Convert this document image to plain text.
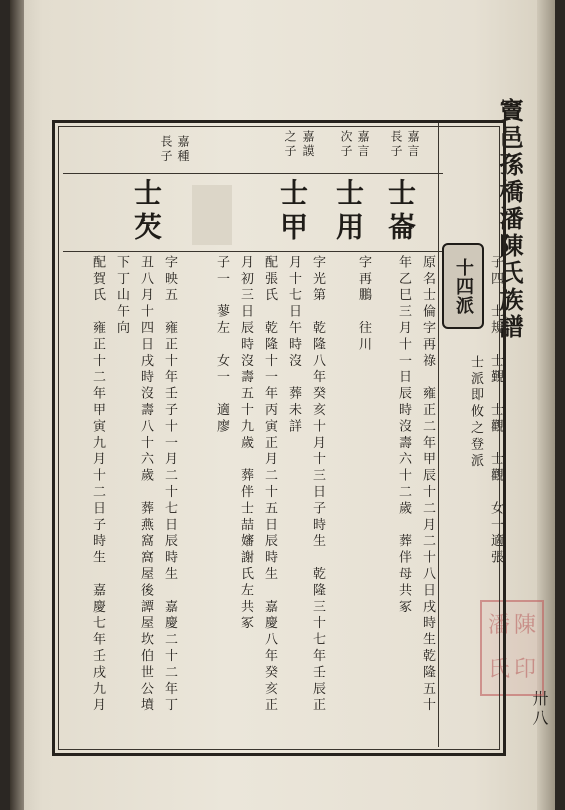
竇邑孫橋潘陳氏族譜
卅八
子四　士規　士覲　士觀　士觀　女一適張
士派即攸之登派
潘 陳
氏 印
嘉言
長子
嘉言
次子
嘉謨
之子
嘉種
長子
士崙
士用
士甲
士芡
十四派
原名士倫字再祿　雍正二年甲辰十二月二十八日戌時生乾隆五十
年乙巳三月十一日辰時沒壽六十二歲　葬伴母共冢
字再鵬　往川
字光第　乾隆八年癸亥十月十三日子時生　乾隆三十七年壬辰正
月十七日午時沒　葬未詳
配張氏　乾隆十一年丙寅正月二十五日辰時生　嘉慶八年癸亥正
月初三日辰時沒壽五十九歲　葬伴士喆嬸謝氏左共冢
子一　蓼左　女一　適廖
字映五　雍正十年壬子十一月二十七日辰時生　嘉慶二十二年丁
丑八月十四日戌時沒壽八十六歲　葬燕窩窩屋後譚屋坎伯世公墳
下丁山午向
配賀氏　雍正十二年甲寅九月十二日子時生　嘉慶七年壬戌九月
